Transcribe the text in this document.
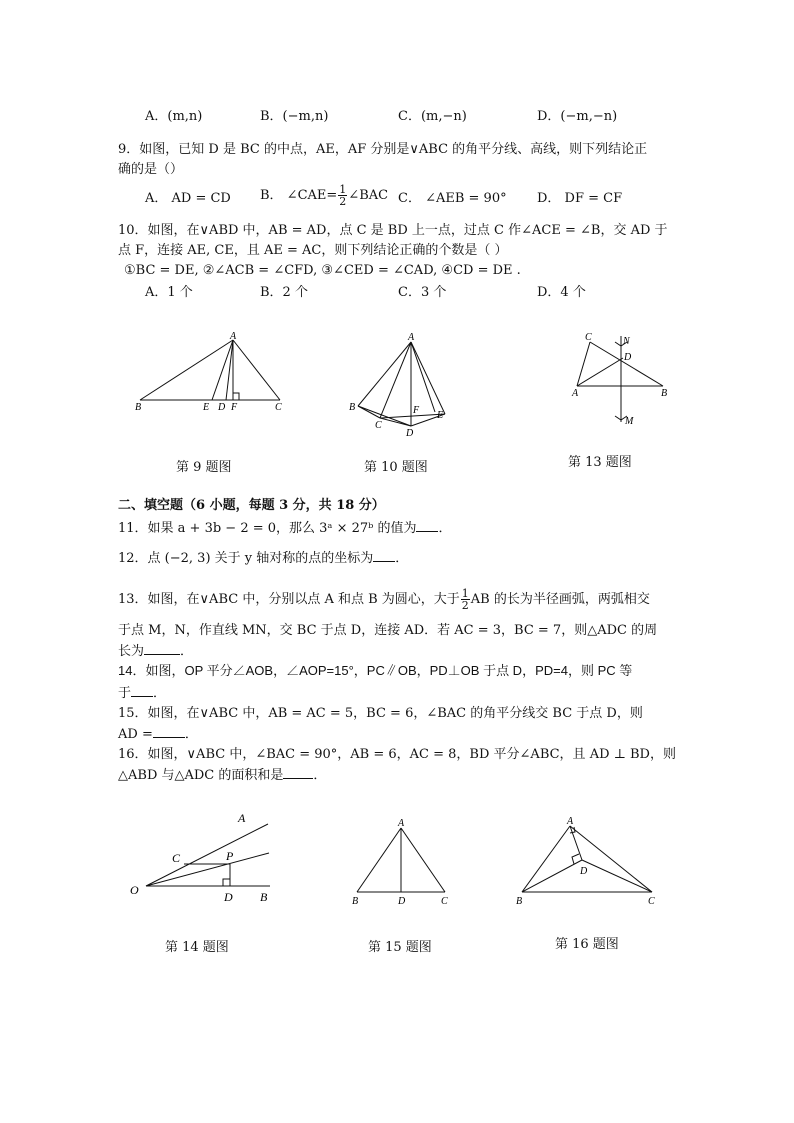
A．(m,n)	B．(−m,n)	C．(m,−n)	D．(−m,−n)
9．如图，已知 D 是 BC 的中点，AE，AF 分别是∨ABC 的角平分线、高线，则下列结论正
确的是（）
A． AD = CD B． ∠CAE= $\frac{1}{2}$ ∠BAC C． ∠AEB = 90° D． DF = CF
10．如图，在∨ABD 中，AB = AD，点 C 是 BD 上一点，过点 C 作∠ACE = ∠B，交 AD 于
点 F，连接 AE, CE，且 AE = AC，则下列结论正确的个数是（ ）
①BC = DE, ②∠ACB = ∠CFD, ③∠CED = ∠CAD, ④CD = DE .
A．1 个	B．2 个	C．3 个	D．4 个
A
B	E D F	C
第 9 题图
A
B
C
F E
D
第 10 题图
C	N
D
A	B
M
第 13 题图
二、填空题（6 小题，每题 3 分，共 18 分）
11．如果 a + 3b − 2 = 0，那么 3ᵃ × 27ᵇ 的值为 ．
12．点 (−2, 3) 关于 y 轴对称的点的坐标为 ．
13．如图，在∨ABC 中，分别以点 A 和点 B 为圆心，大于 $\frac{1}{2}$ AB 的长为半径画弧，两弧相交
于点 M，N，作直线 MN，交 BC 于点 D，连接 AD．若 AC = 3，BC = 7，则△ADC 的周
长为	．
14．如图，OP 平分∠AOB，∠AOP=15°，PC∥OB，PD⊥OB 于点 D，PD=4，则 PC 等
于 ．
15．如图，在∨ABC 中，AB = AC = 5，BC = 6，∠BAC 的角平分线交 BC 于点 D，则
AD = ．
16．如图，∨ABC 中，∠BAC = 90°，AB = 6，AC = 8，BD 平分∠ABC，且 AD ⊥ BD，则
△ABD 与△ADC 的面积和是 ．
A
C	P
O	D B
第 14 题图
A
B	D	C
第 15 题图
A
D
B	C
第 16 题图
